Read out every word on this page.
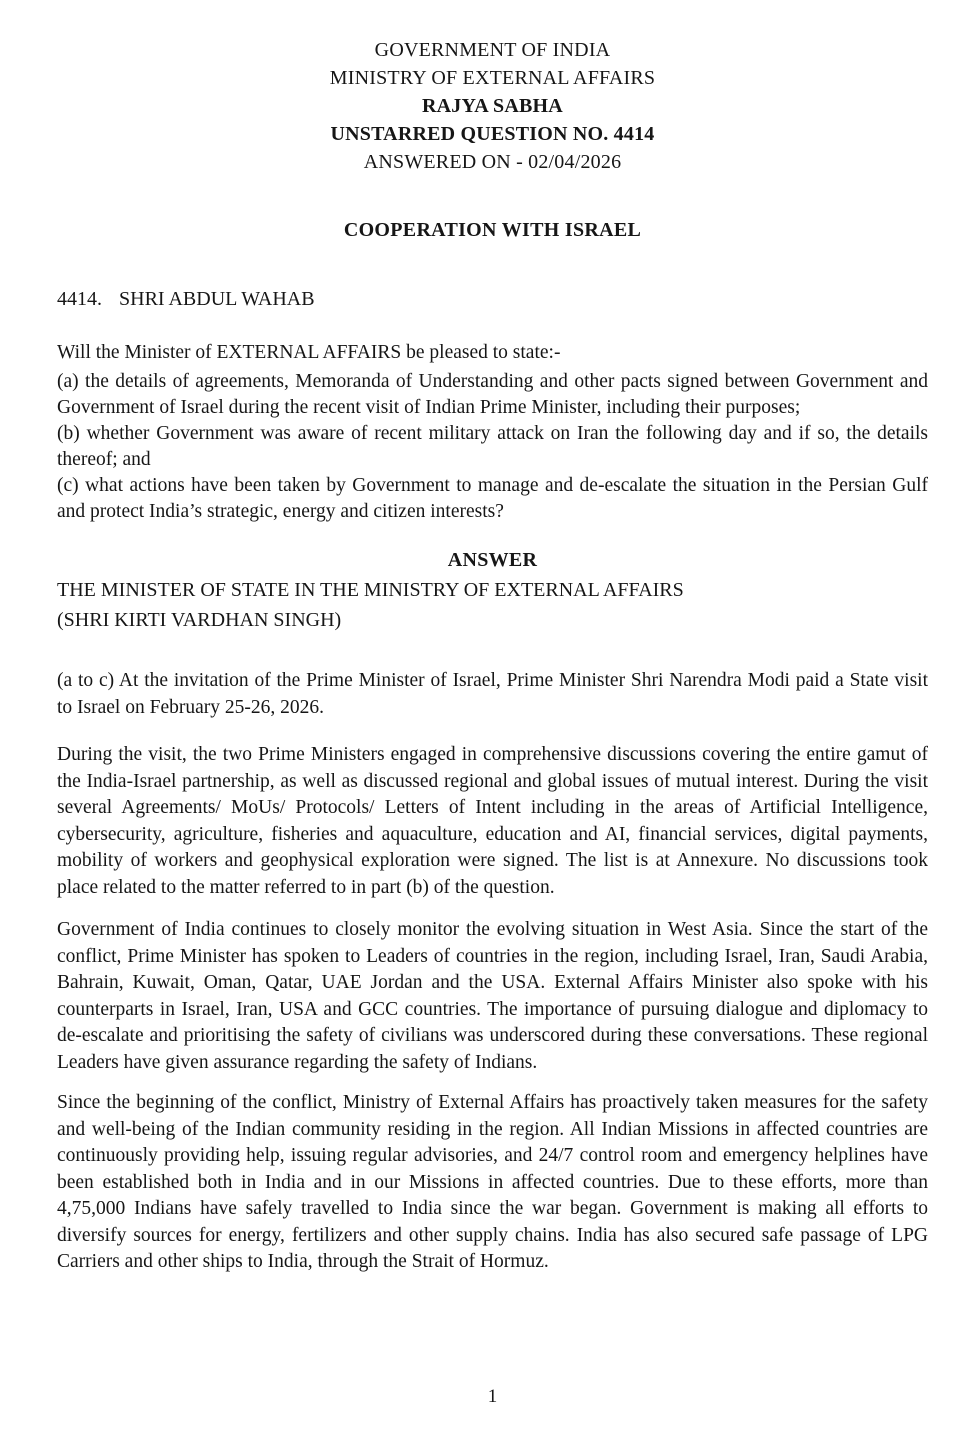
GOVERNMENT OF INDIA
MINISTRY OF EXTERNAL AFFAIRS
RAJYA SABHA
UNSTARRED QUESTION NO. 4414
ANSWERED ON - 02/04/2026
COOPERATION WITH ISRAEL
4414. SHRI ABDUL WAHAB

Will the Minister of EXTERNAL AFFAIRS be pleased to state:-

(a) the details of agreements, Memoranda of Understanding and other pacts signed between Government and Government of Israel during the recent visit of Indian Prime Minister, including their purposes;

(b) whether Government was aware of recent military attack on Iran the following day and if so, the details thereof; and

(c) what actions have been taken by Government to manage and de-escalate the situation in the Persian Gulf and protect India’s strategic, energy and citizen interests?

ANSWER
THE MINISTER OF STATE IN THE MINISTRY OF EXTERNAL AFFAIRS
(SHRI KIRTI VARDHAN SINGH)

(a to c) At the invitation of the Prime Minister of Israel, Prime Minister Shri Narendra Modi paid a State visit to Israel on February 25-26, 2026.

During the visit, the two Prime Ministers engaged in comprehensive discussions covering the entire gamut of the India-Israel partnership, as well as discussed regional and global issues of mutual interest. During the visit several Agreements/ MoUs/ Protocols/ Letters of Intent including in the areas of Artificial Intelligence, cybersecurity, agriculture, fisheries and aquaculture, education and AI, financial services, digital payments, mobility of workers and geophysical exploration were signed. The list is at Annexure. No discussions took place related to the matter referred to in part (b) of the question.

Government of India continues to closely monitor the evolving situation in West Asia. Since the start of the conflict, Prime Minister has spoken to Leaders of countries in the region, including Israel, Iran, Saudi Arabia, Bahrain, Kuwait, Oman, Qatar, UAE Jordan and the USA. External Affairs Minister also spoke with his counterparts in Israel, Iran, USA and GCC countries. The importance of pursuing dialogue and diplomacy to de-escalate and prioritising the safety of civilians was underscored during these conversations. These regional Leaders have given assurance regarding the safety of Indians.

Since the beginning of the conflict, Ministry of External Affairs has proactively taken measures for the safety and well-being of the Indian community residing in the region. All Indian Missions in affected countries are continuously providing help, issuing regular advisories, and 24/7 control room and emergency helplines have been established both in India and in our Missions in affected countries. Due to these efforts, more than 4,75,000 Indians have safely travelled to India since the war began. Government is making all efforts to diversify sources for energy, fertilizers and other supply chains. India has also secured safe passage of LPG Carriers and other ships to India, through the Strait of Hormuz.

1
